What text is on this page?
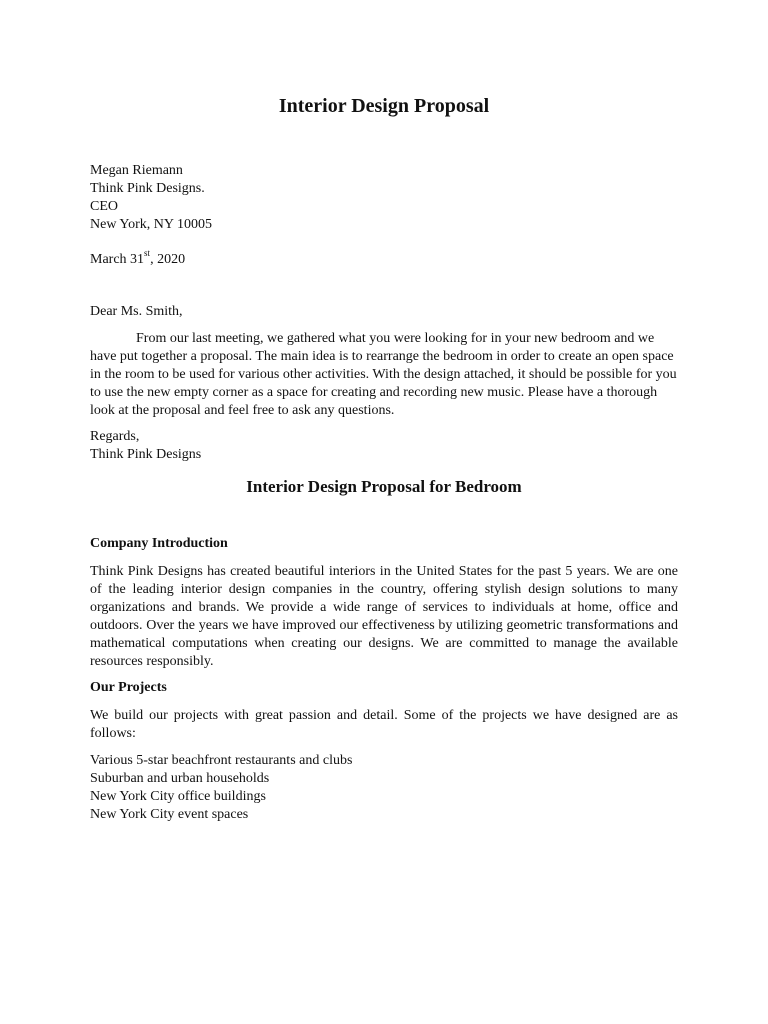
Interior Design Proposal
Megan Riemann
Think Pink Designs.
CEO
New York, NY 10005
March 31st, 2020
Dear Ms. Smith,
From our last meeting, we gathered what you were looking for in your new bedroom and we have put together a proposal. The main idea is to rearrange the bedroom in order to create an open space in the room to be used for various other activities. With the design attached, it should be possible for you to use the new empty corner as a space for creating and recording new music. Please have a thorough look at the proposal and feel free to ask any questions.
Regards,
Think Pink Designs
Interior Design Proposal for Bedroom
Company Introduction
Think Pink Designs has created beautiful interiors in the United States for the past 5 years. We are one of the leading interior design companies in the country, offering stylish design solutions to many organizations and brands. We provide a wide range of services to individuals at home, office and outdoors. Over the years we have improved our effectiveness by utilizing geometric transformations and mathematical computations when creating our designs. We are committed to manage the available resources responsibly.
Our Projects
We build our projects with great passion and detail. Some of the projects we have designed are as follows:
Various 5-star beachfront restaurants and clubs
Suburban and urban households
New York City office buildings
New York City event spaces
